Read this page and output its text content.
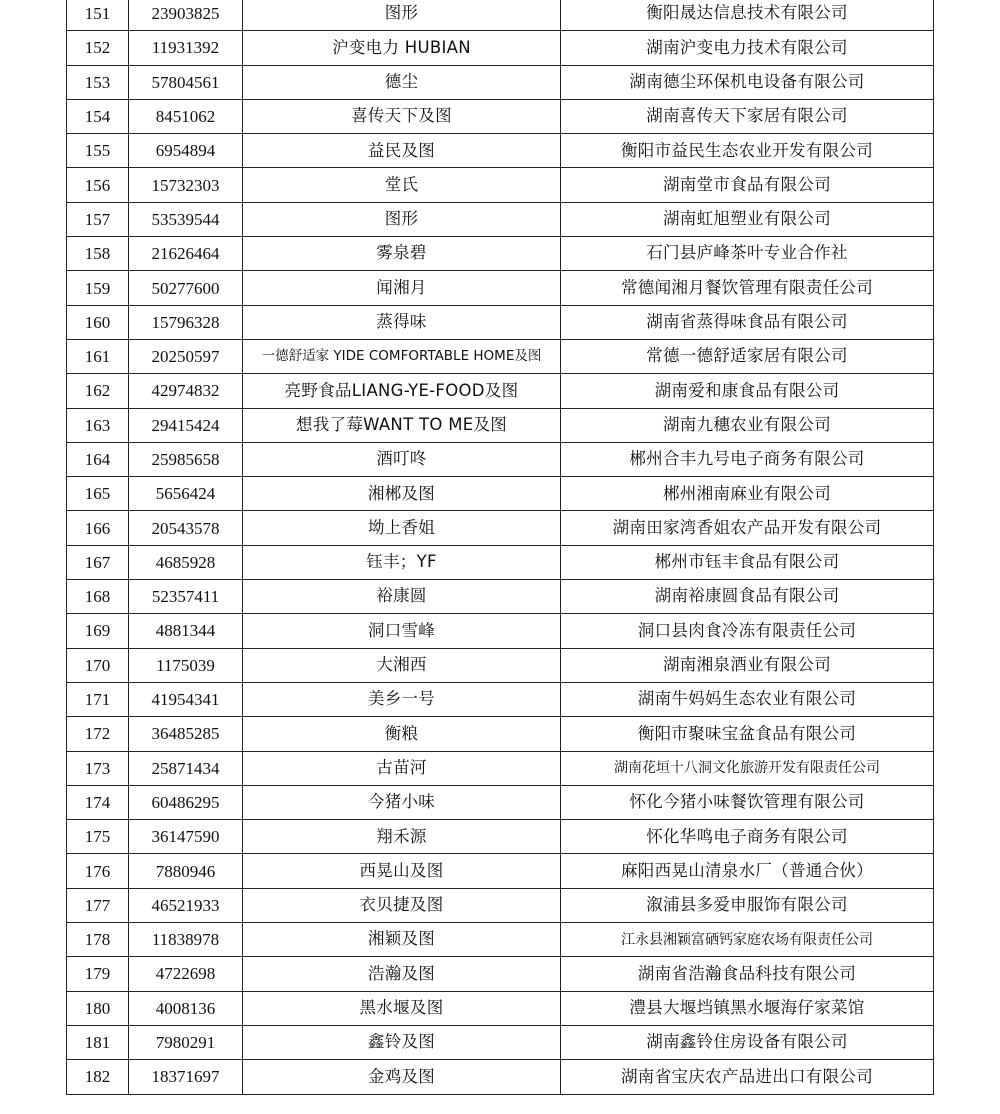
151	23903825	图形	衡阳晟达信息技术有限公司
152	11931392	沪变电力 HUBIAN	湖南沪变电力技术有限公司
153	57804561	德尘	湖南德尘环保机电设备有限公司
154	8451062	喜传天下及图	湖南喜传天下家居有限公司
155	6954894	益民及图	衡阳市益民生态农业开发有限公司
156	15732303	堂氏	湖南堂市食品有限公司
157	53539544	图形	湖南虹旭塑业有限公司
158	21626464	雾泉碧	石门县庐峰茶叶专业合作社
159	50277600	闻湘月	常德闻湘月餐饮管理有限责任公司
160	15796328	蒸得味	湖南省蒸得味食品有限公司
161	20250597	一德舒适家 YIDE COMFORTABLE HOME及图	常德一德舒适家居有限公司
162	42974832	亮野食品LIANG-YE-FOOD及图	湖南爱和康食品有限公司
163	29415424	想我了莓WANT TO ME及图	湖南九穗农业有限公司
164	25985658	酒叮咚	郴州合丰九号电子商务有限公司
165	5656424	湘郴及图	郴州湘南麻业有限公司
166	20543578	坳上香姐	湖南田家湾香姐农产品开发有限公司
167	4685928	钰丰；YF	郴州市钰丰食品有限公司
168	52357411	裕康圆	湖南裕康圆食品有限公司
169	4881344	洞口雪峰	洞口县肉食冷冻有限责任公司
170	1175039	大湘西	湖南湘泉酒业有限公司
171	41954341	美乡一号	湖南牛妈妈生态农业有限公司
172	36485285	衡粮	衡阳市聚味宝盆食品有限公司
173	25871434	古苗河	湖南花垣十八洞文化旅游开发有限责任公司
174	60486295	今猪小味	怀化今猪小味餐饮管理有限公司
175	36147590	翔禾源	怀化华鸣电子商务有限公司
176	7880946	西晃山及图	麻阳西晃山清泉水厂（普通合伙）
177	46521933	衣贝捷及图	溆浦县多爱申服饰有限公司
178	11838978	湘颖及图	江永县湘颖富硒钙家庭农场有限责任公司
179	4722698	浩瀚及图	湖南省浩瀚食品科技有限公司
180	4008136	黑水堰及图	澧县大堰垱镇黑水堰海仔家菜馆
181	7980291	鑫铃及图	湖南鑫铃住房设备有限公司
182	18371697	金鸡及图	湖南省宝庆农产品进出口有限公司
